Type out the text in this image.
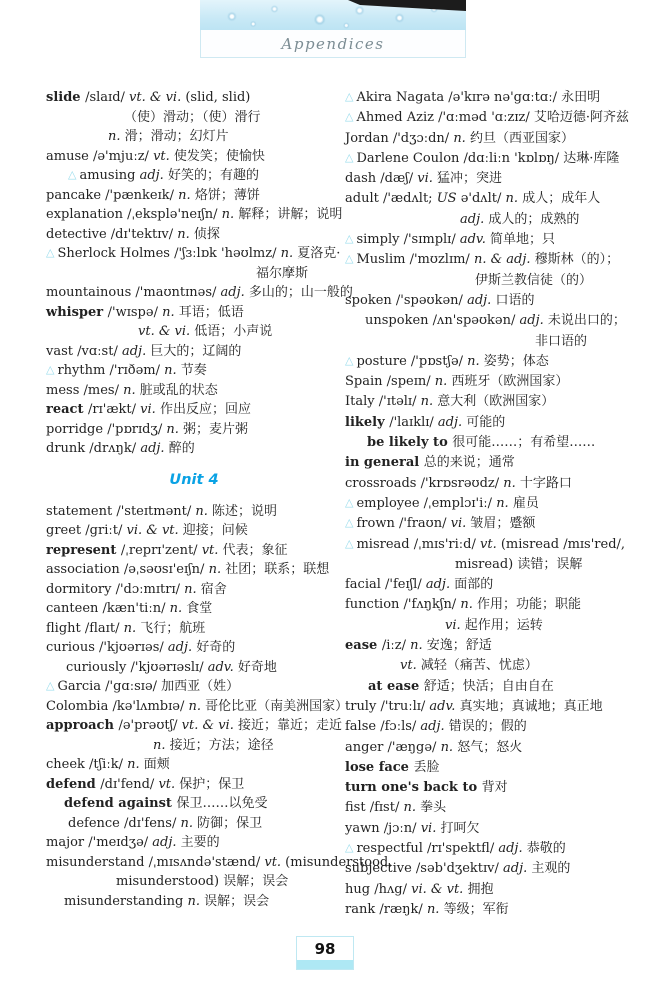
Appendices
slide /slaɪd/ vt. & vi. (slid, slid)
（使）滑动；（使）滑行
n. 滑；滑动；幻灯片
amuse /ə'mjuːz/ vt. 使发笑；使愉快
△ amusing adj. 好笑的；有趣的
pancake /'pænkeɪk/ n. 烙饼；薄饼
explanation /ˌeksplə'neɪʃn/ n. 解释；讲解；说明
detective /dɪ'tektɪv/ n. 侦探
△ Sherlock Holmes /'ʃɜːlɒk 'həʊlmz/ n. 夏洛克·
福尔摩斯
mountainous /'maʊntɪnəs/ adj. 多山的；山一般的
whisper /'wɪspə/ n. 耳语；低语
vt. & vi. 低语；小声说
vast /vɑːst/ adj. 巨大的；辽阔的
△ rhythm /'rɪðəm/ n. 节奏
mess /mes/ n. 脏或乱的状态
react /rɪ'ækt/ vi. 作出反应；回应
porridge /'pɒrɪdʒ/ n. 粥；麦片粥
drunk /drʌŋk/ adj. 醉的
Unit 4
statement /'steɪtmənt/ n. 陈述；说明
greet /griːt/ vi. & vt. 迎接；问候
represent /ˌreprɪ'zent/ vt. 代表；象征
association /əˌsəʊsɪ'eɪʃn/ n. 社团；联系；联想
dormitory /'dɔːmɪtrɪ/ n. 宿舍
canteen /kæn'tiːn/ n. 食堂
flight /flaɪt/ n. 飞行；航班
curious /'kjʊərɪəs/ adj. 好奇的
curiously /'kjʊərɪəslɪ/ adv. 好奇地
△ Garcia /'gɑːsɪə/ 加西亚（姓）
Colombia /kə'lʌmbɪə/ n. 哥伦比亚（南美洲国家）
approach /ə'prəʊtʃ/ vt. & vi. 接近；靠近；走近
n. 接近；方法；途径
cheek /tʃiːk/ n. 面颊
defend /dɪ'fend/ vt. 保护；保卫
defend against 保卫……以免受
defence /dɪ'fens/ n. 防御；保卫
major /'meɪdʒə/ adj. 主要的
misunderstand /ˌmɪsʌndə'stænd/ vt. (misunderstood,
misunderstood) 误解；误会
misunderstanding n. 误解；误会
△ Akira Nagata /ə'kɪrə nə'gɑːtɑː/ 永田明
△ Ahmed Aziz /'ɑːməd 'ɑːzɪz/ 艾哈迈德·阿齐兹
Jordan /'dʒɔːdn/ n. 约旦（西亚国家）
△ Darlene Coulon /dɑːliːn 'kɒlɒŋ/ 达琳·库隆
dash /dæʃ/ vi. 猛冲；突进
adult /'ædʌlt; US ə'dʌlt/ n. 成人；成年人
adj. 成人的；成熟的
△ simply /'sɪmplɪ/ adv. 简单地；只
△ Muslim /'mʊzlɪm/ n. & adj. 穆斯林（的）；
伊斯兰教信徒（的）
spoken /'spəʊkən/ adj. 口语的
unspoken /ʌn'spəʊkən/ adj. 未说出口的；
非口语的
△ posture /'pɒstʃə/ n. 姿势；体态
Spain /speɪn/ n. 西班牙（欧洲国家）
Italy /'ɪtəlɪ/ n. 意大利（欧洲国家）
likely /'laɪklɪ/ adj. 可能的
be likely to 很可能……；有希望……
in general 总的来说；通常
crossroads /'krɒsrəʊdz/ n. 十字路口
△ employee /ˌemplɔɪ'iː/ n. 雇员
△ frown /'fraʊn/ vi. 皱眉；蹙额
△ misread /ˌmɪs'riːd/ vt. (misread /mɪs'red/,
misread) 读错；误解
facial /'feɪʃl/ adj. 面部的
function /'fʌŋkʃn/ n. 作用；功能；职能
vi. 起作用；运转
ease /iːz/ n. 安逸；舒适
vt. 减轻（痛苦、忧虑）
at ease 舒适；快活；自由自在
truly /'truːlɪ/ adv. 真实地；真诚地；真正地
false /fɔːls/ adj. 错误的；假的
anger /'æŋgə/ n. 怒气；怒火
lose face 丢脸
turn one's back to 背对
fist /fɪst/ n. 拳头
yawn /jɔːn/ vi. 打呵欠
△ respectful /rɪ'spektfl/ adj. 恭敬的
subjective /səb'dʒektɪv/ adj. 主观的
hug /hʌg/ vi. & vt. 拥抱
rank /ræŋk/ n. 等级；军衔
98
